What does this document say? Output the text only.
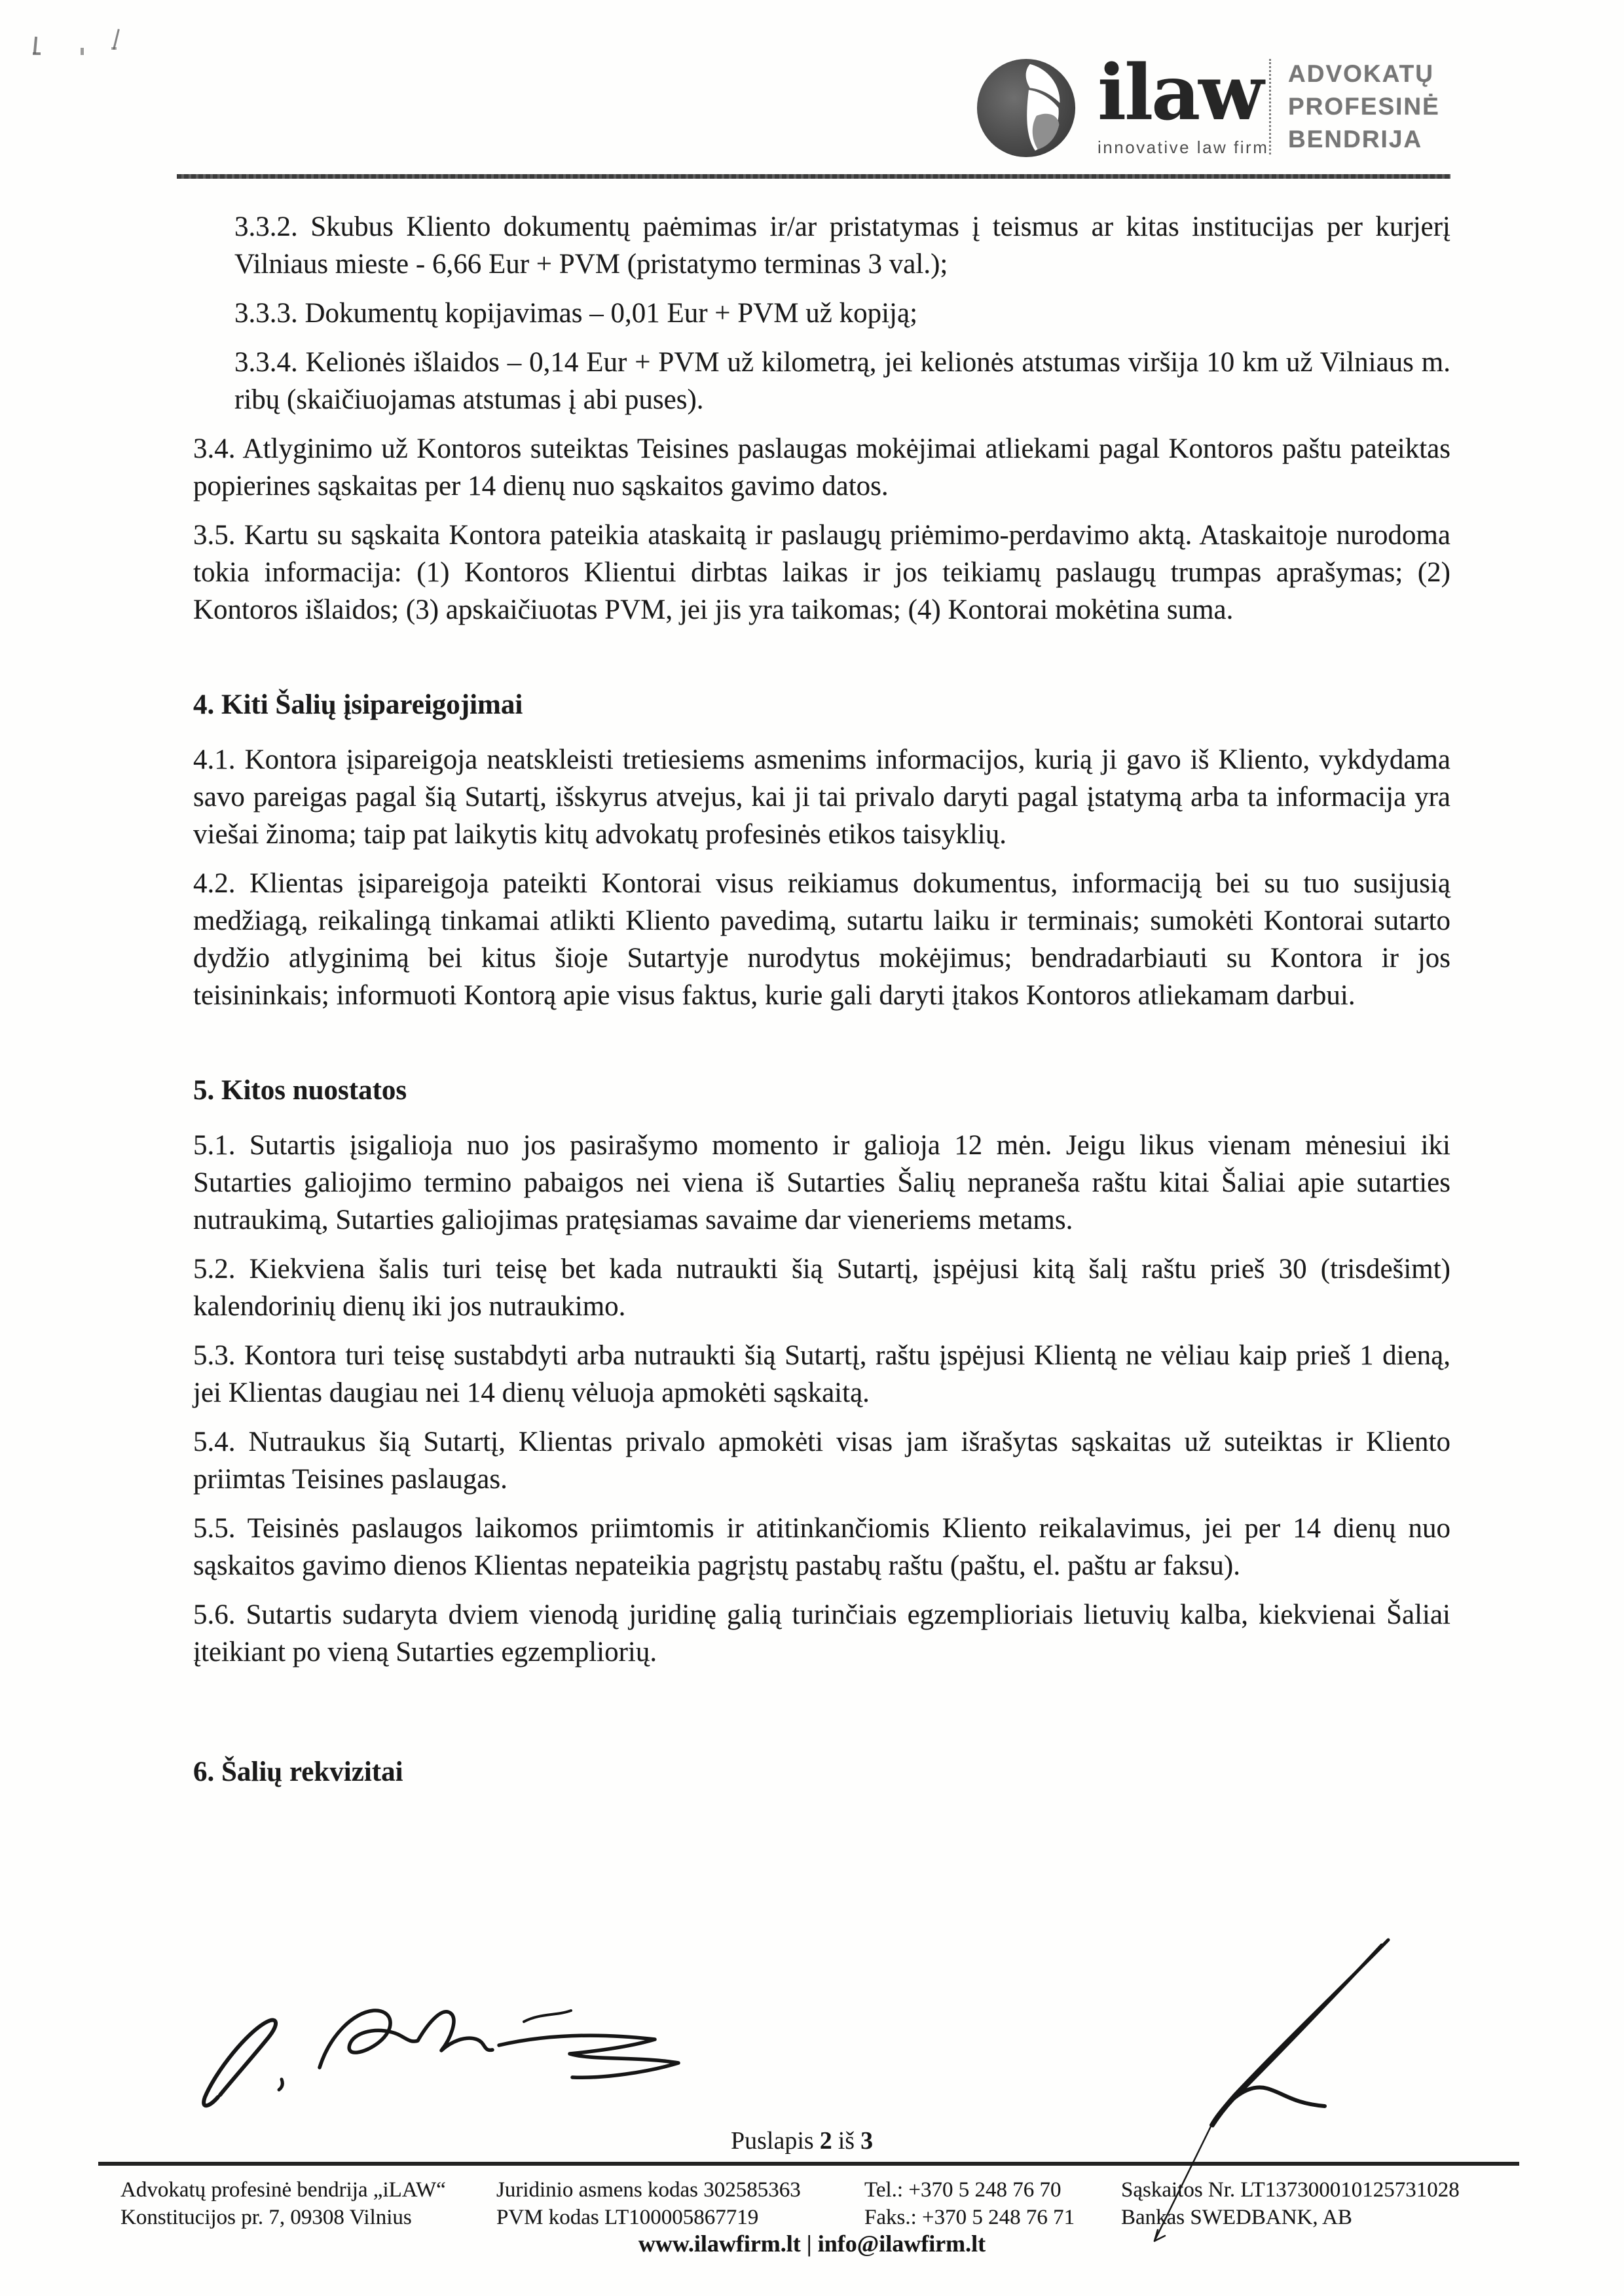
ilaw
innovative law firm
ADVOKATŲ
PROFESINĖ
BENDRIJA

3.3.2. Skubus Kliento dokumentų paėmimas ir/ar pristatymas į teismus ar kitas institucijas per kurjerį Vilniaus mieste - 6,66 Eur + PVM (pristatymo terminas 3 val.);

3.3.3. Dokumentų kopijavimas – 0,01 Eur + PVM už kopiją;

3.3.4. Kelionės išlaidos – 0,14 Eur + PVM už kilometrą, jei kelionės atstumas viršija 10 km už Vilniaus m. ribų (skaičiuojamas atstumas į abi puses).

3.4. Atlyginimo už Kontoros suteiktas Teisines paslaugas mokėjimai atliekami pagal Kontoros paštu pateiktas popierines sąskaitas per 14 dienų nuo sąskaitos gavimo datos.

3.5. Kartu su sąskaita Kontora pateikia ataskaitą ir paslaugų priėmimo-perdavimo aktą. Ataskaitoje nurodoma tokia informacija: (1) Kontoros Klientui dirbtas laikas ir jos teikiamų paslaugų trumpas aprašymas; (2) Kontoros išlaidos; (3) apskaičiuotas PVM, jei jis yra taikomas; (4) Kontorai mokėtina suma.

4. Kiti Šalių įsipareigojimai

4.1. Kontora įsipareigoja neatskleisti tretiesiems asmenims informacijos, kurią ji gavo iš Kliento, vykdydama savo pareigas pagal šią Sutartį, išskyrus atvejus, kai ji tai privalo daryti pagal įstatymą arba ta informacija yra viešai žinoma; taip pat laikytis kitų advokatų profesinės etikos taisyklių.

4.2. Klientas įsipareigoja pateikti Kontorai visus reikiamus dokumentus, informaciją bei su tuo susijusią medžiagą, reikalingą tinkamai atlikti Kliento pavedimą, sutartu laiku ir terminais; sumokėti Kontorai sutarto dydžio atlyginimą bei kitus šioje Sutartyje nurodytus mokėjimus; bendradarbiauti su Kontora ir jos teisininkais; informuoti Kontorą apie visus faktus, kurie gali daryti įtakos Kontoros atliekamam darbui.

5. Kitos nuostatos

5.1. Sutartis įsigalioja nuo jos pasirašymo momento ir galioja 12 mėn. Jeigu likus vienam mėnesiui iki Sutarties galiojimo termino pabaigos nei viena iš Sutarties Šalių nepraneša raštu kitai Šaliai apie sutarties nutraukimą, Sutarties galiojimas pratęsiamas savaime dar vieneriems metams.

5.2. Kiekviena šalis turi teisę bet kada nutraukti šią Sutartį, įspėjusi kitą šalį raštu prieš 30 (trisdešimt) kalendorinių dienų iki jos nutraukimo.

5.3. Kontora turi teisę sustabdyti arba nutraukti šią Sutartį, raštu įspėjusi Klientą ne vėliau kaip prieš 1 dieną, jei Klientas daugiau nei 14 dienų vėluoja apmokėti sąskaitą.

5.4. Nutraukus šią Sutartį, Klientas privalo apmokėti visas jam išrašytas sąskaitas už suteiktas ir Kliento priimtas Teisines paslaugas.

5.5. Teisinės paslaugos laikomos priimtomis ir atitinkančiomis Kliento reikalavimus, jei per 14 dienų nuo sąskaitos gavimo dienos Klientas nepateikia pagrįstų pastabų raštu (paštu, el. paštu ar faksu).

5.6. Sutartis sudaryta dviem vienodą juridinę galią turinčiais egzemplioriais lietuvių kalba, kiekvienai Šaliai įteikiant po vieną Sutarties egzempliorių.

6. Šalių rekvizitai

Puslapis 2 iš 3
Advokatų profesinė bendrija „iLAW“
Konstitucijos pr. 7, 09308 Vilnius
Juridinio asmens kodas 302585363
PVM kodas LT100005867719
Tel.: +370 5 248 76 70
Faks.: +370 5 248 76 71
Sąskaitos Nr. LT137300010125731028
Bankas SWEDBANK, AB
www.ilawfirm.lt | info@ilawfirm.lt
